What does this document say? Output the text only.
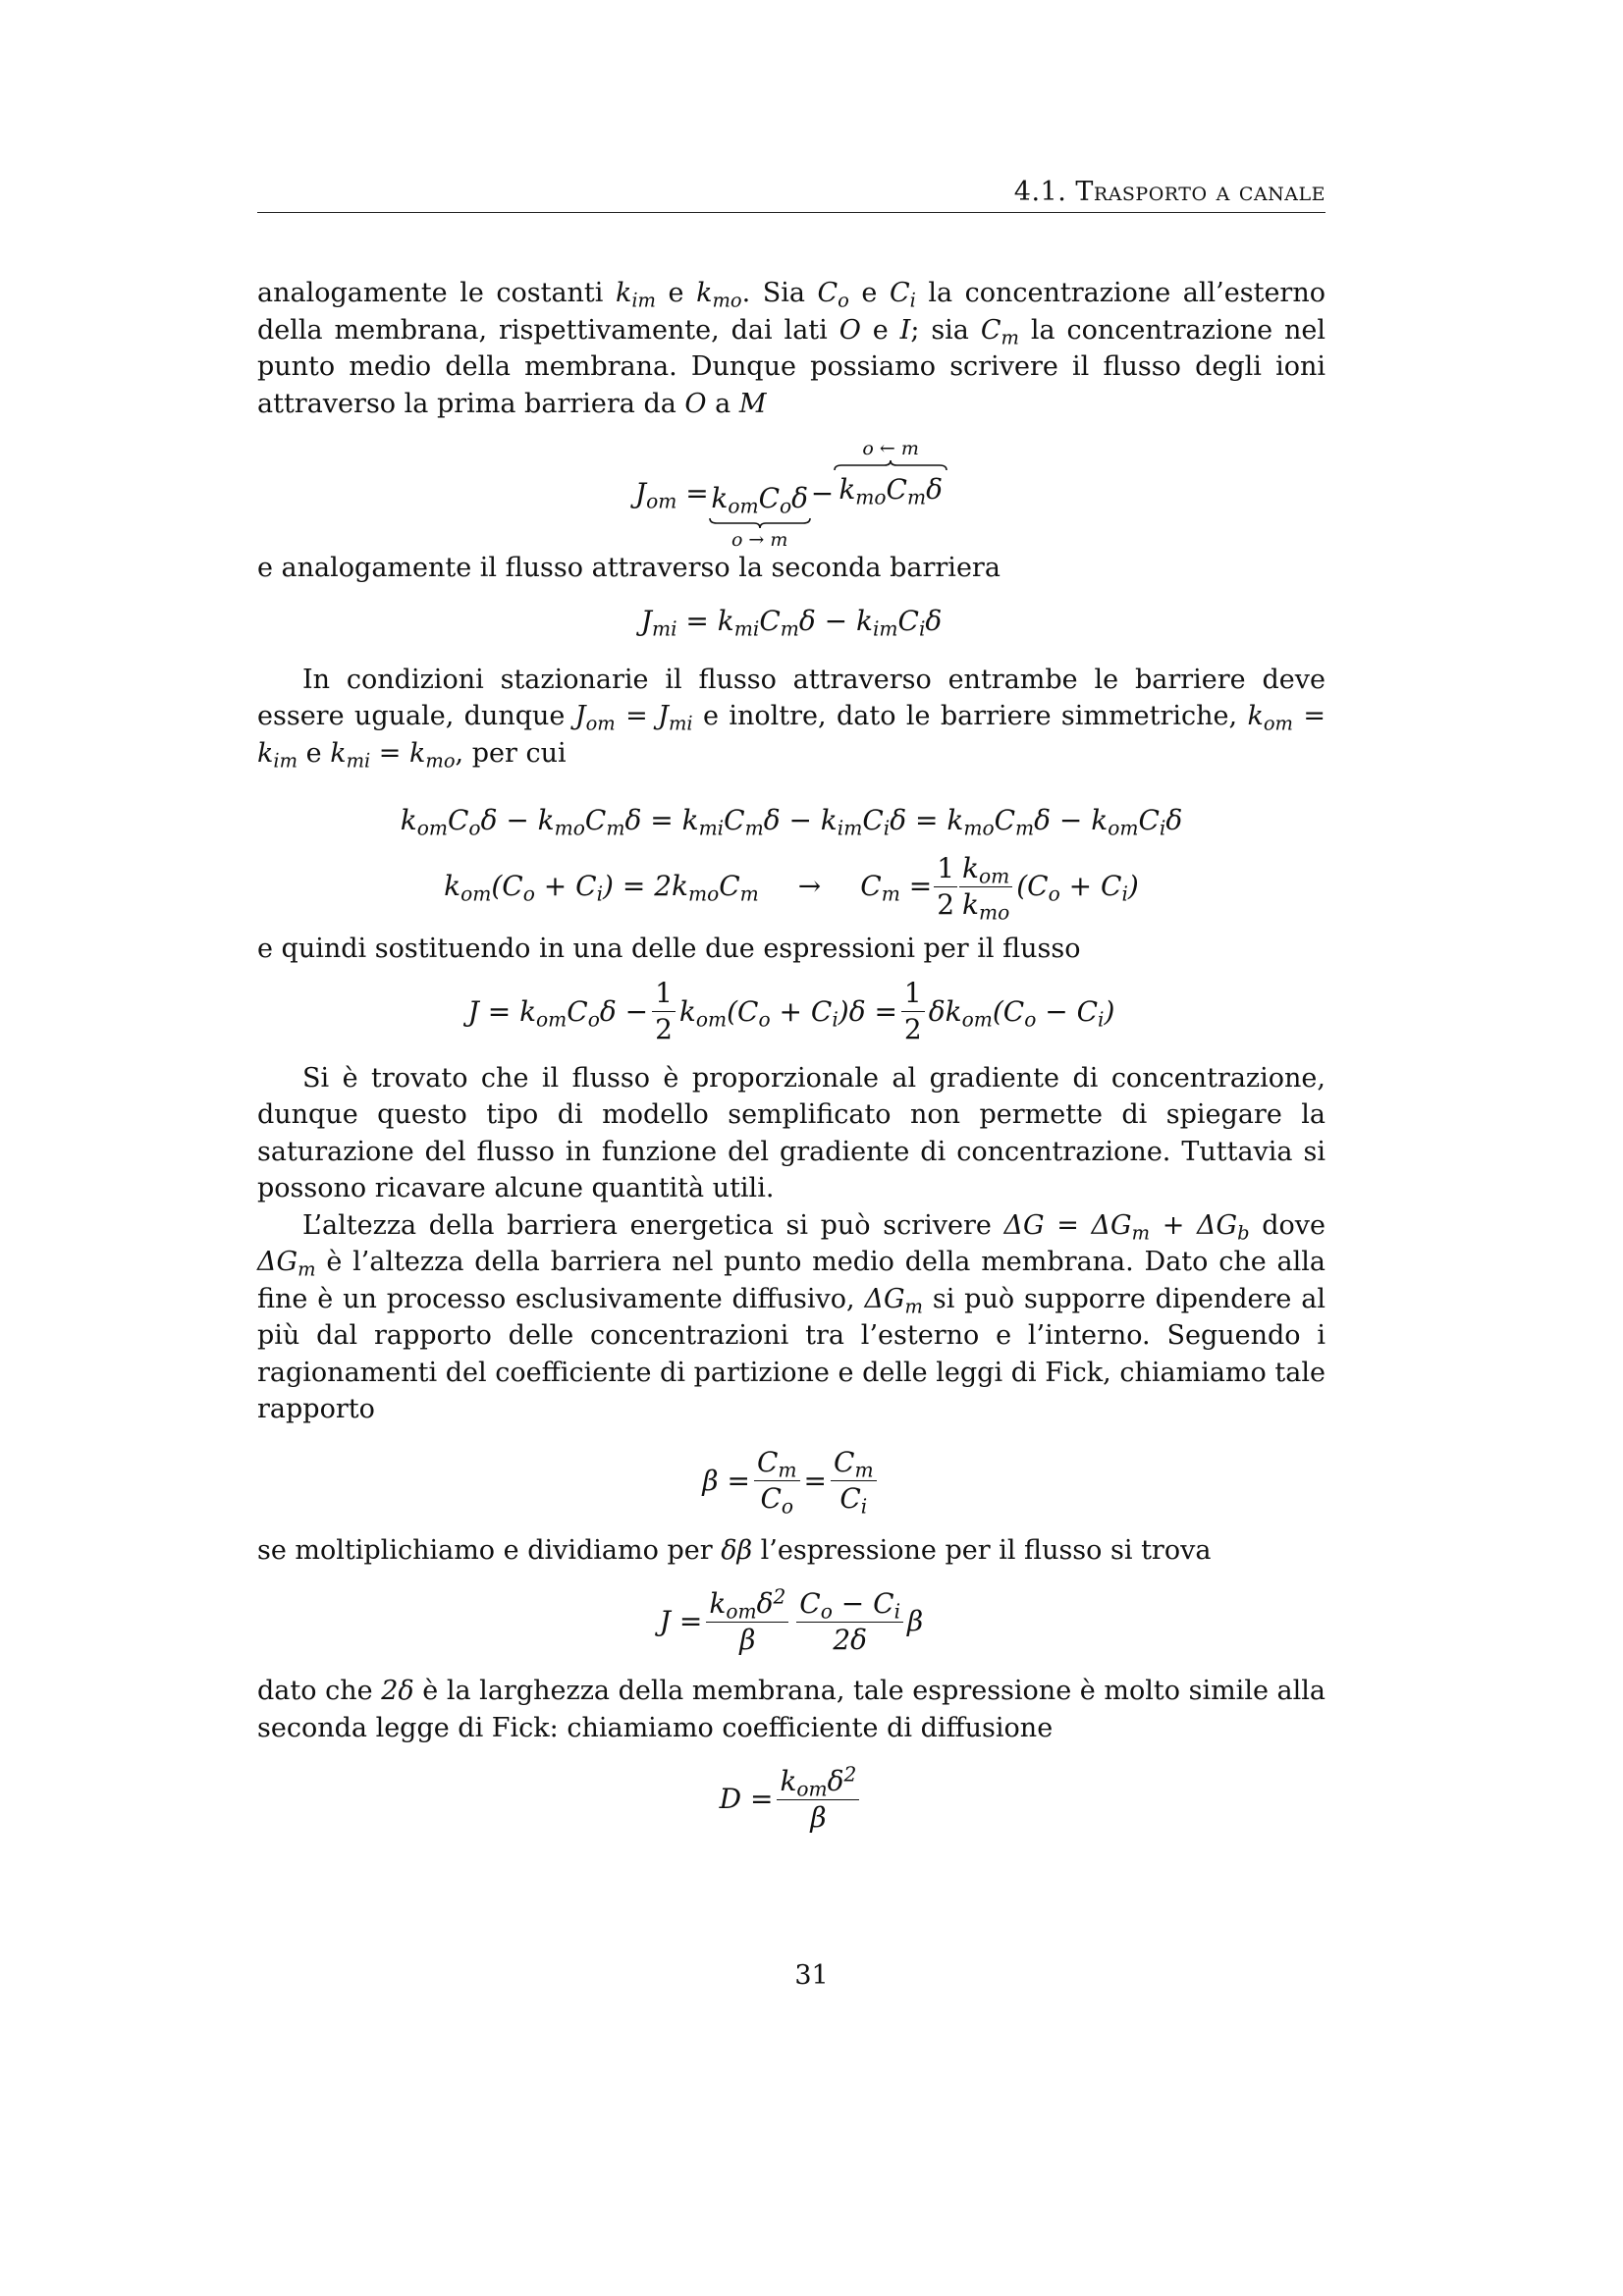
4.1. Trasporto a canale

analogamente le costanti $k_{im}$ e $k_{mo}$. Sia $C_o$ e $C_i$ la concentrazione all’esterno della membrana, rispettivamente, dai lati O e I; sia $C_m$ la concentrazione nel punto medio della membrana. Dunque possiamo scrivere il flusso degli ioni attraverso la prima barriera da O a M

$J_{om} = k_{om}C_o\delta$
o → m
−
o ← m
$k_{mo}C_m\delta$

e analogamente il flusso attraverso la seconda barriera

$J_{mi} = k_{mi}C_m\delta - k_{im}C_i\delta$

In condizioni stazionarie il flusso attraverso entrambe le barriere deve essere uguale, dunque $J_{om} = J_{mi}$ e inoltre, dato le barriere simmetriche, $k_{om} = k_{im}$ e $k_{mi} = k_{mo}$, per cui

$k_{om}C_o\delta - k_{mo}C_m\delta = k_{mi}C_m\delta - k_{im}C_i\delta = k_{mo}C_m\delta - k_{om}C_i\delta$
$k_{om}(C_o + C_i) = 2k_{mo}C_m \to C_m = \frac{1}{2} \frac{k_{om}}{k_{mo}} (C_o + C_i)$

e quindi sostituendo in una delle due espressioni per il flusso

$J = k_{om}C_o\delta - \frac{1}{2} k_{om}(C_o + C_i)\delta = \frac{1}{2} \delta k_{om}(C_o - C_i)$

Si è trovato che il flusso è proporzionale al gradiente di concentrazione, dunque questo tipo di modello semplificato non permette di spiegare la saturazione del flusso in funzione del gradiente di concentrazione. Tuttavia si possono ricavare alcune quantità utili.

L’altezza della barriera energetica si può scrivere $\Delta G = \Delta G_m + \Delta G_b$ dove $\Delta G_m$ è l’altezza della barriera nel punto medio della membrana. Dato che alla fine è un processo esclusivamente diffusivo, $\Delta G_m$ si può supporre dipendere al più dal rapporto delle concentrazioni tra l’esterno e l’interno. Seguendo i ragionamenti del coefficiente di partizione e delle leggi di Fick, chiamiamo tale rapporto

$\beta = \frac{C_m}{C_o} = \frac{C_m}{C_i}$

se moltiplichiamo e dividiamo per δβ l’espressione per il flusso si trova

$J = \frac{k_{om}\delta^2}{\beta} \frac{C_o - C_i}{2\delta}$ β

dato che 2δ è la larghezza della membrana, tale espressione è molto simile alla seconda legge di Fick: chiamiamo coefficiente di diffusione

$D = \frac{k_{om}\delta^2}{\beta}$
31
